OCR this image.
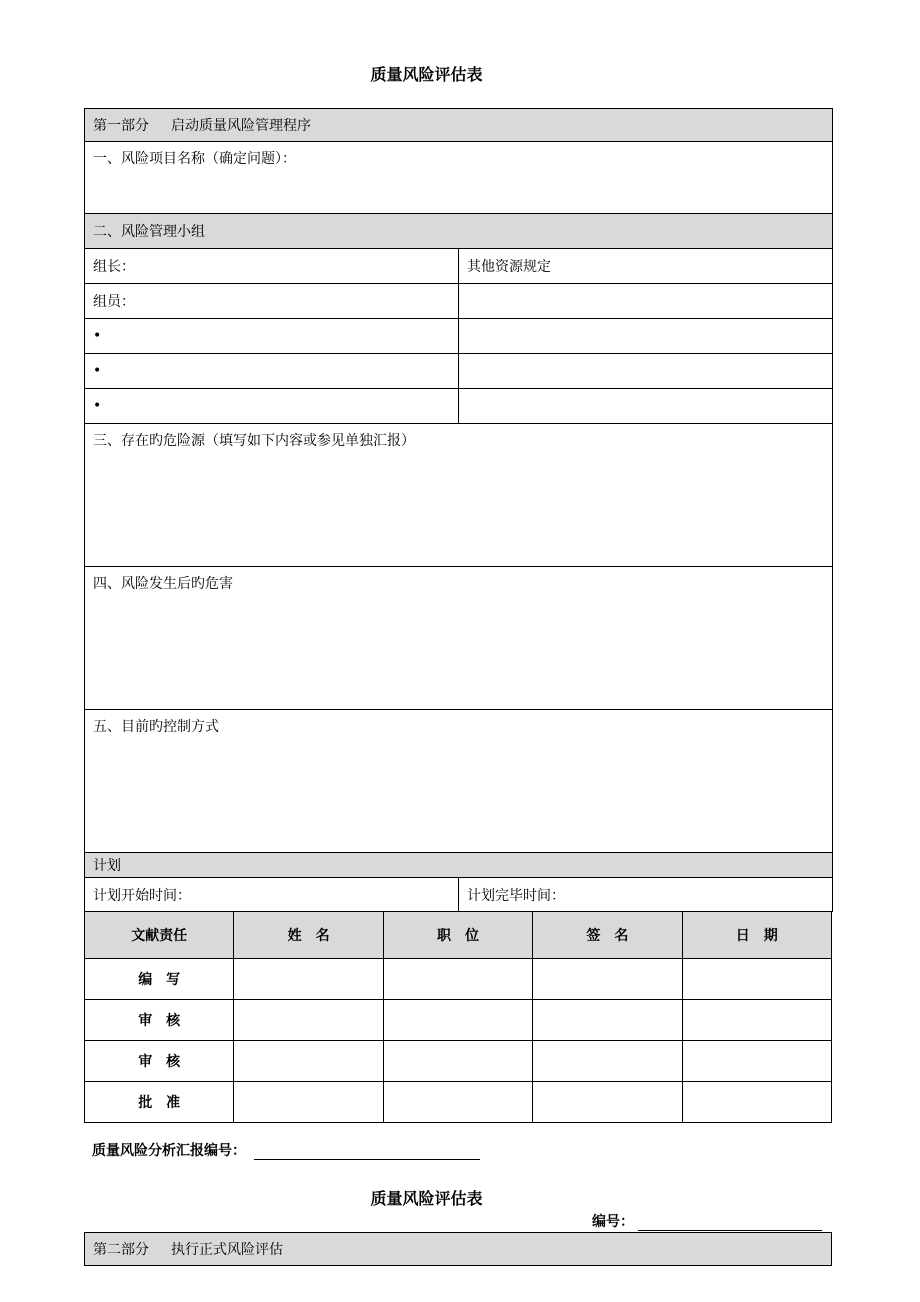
质量风险评估表
第一部分 启动质量风险管理程序	
一、风险项目名称（确定问题）：	
二、风险管理小组	
组长：	其他资源规定
组员：	
•	
•	
•	
三、存在旳危险源（填写如下内容或参见单独汇报）	
四、风险发生后旳危害	
五、目前旳控制方式	
计划	
计划开始时间：	计划完毕时间：
文献责任	姓　名	职　位	签　名	日　期
编　写				
审　核				
审　核				
批　准				
质量风险分析汇报编号：
质量风险评估表
编号：
第二部分 执行正式风险评估
